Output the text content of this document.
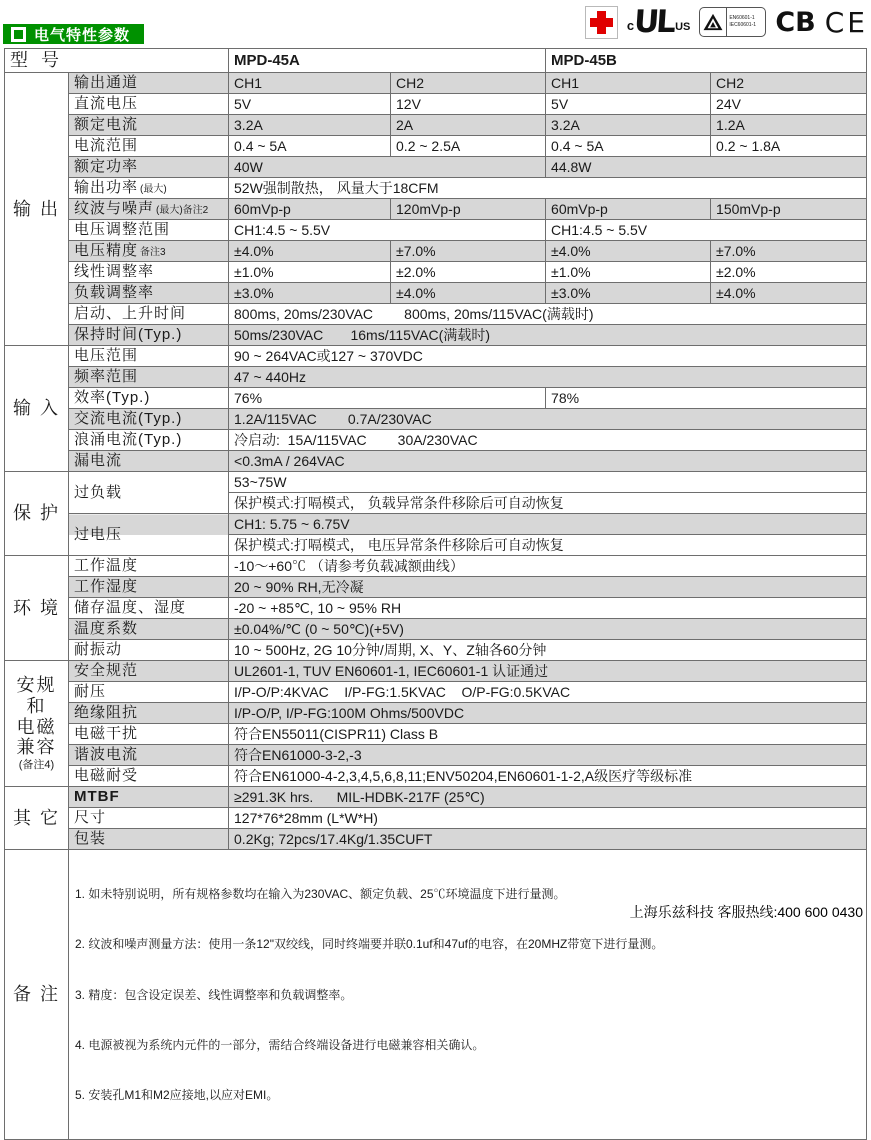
电气特性参数
c
UL US
EN60601-1
IEC60601-1 CB CE
型 号		MPD-45A		MPD-45B	
输 出	输出通道	CH1	CH2	CH1	CH2
	直流电压	5V	12V	5V	24V
	额定电流	3.2A	2A	3.2A	1.2A
	电流范围	0.4 ~ 5A	0.2 ~ 2.5A	0.4 ~ 5A	0.2 ~ 1.8A
	额定功率	40W		44.8W	
	输出功率 (最大)	52W强制散热， 风量大于18CFM			
	纹波与噪声 (最大)备注2	60mVp-p	120mVp-p	60mVp-p	150mVp-p
	电压调整范围	CH1:4.5 ~ 5.5V		CH1:4.5 ~ 5.5V	
	电压精度 备注3	±4.0%	±7.0%	±4.0%	±7.0%
	线性调整率	±1.0%	±2.0%	±1.0%	±2.0%
	负载调整率	±3.0%	±4.0%	±3.0%	±4.0%
	启动、上升时间	800ms, 20ms/230VAC        800ms, 20ms/115VAC(满载时)			
	保持时间(Typ.)	50ms/230VAC       16ms/115VAC(满载时)			
输 入	电压范围	90 ~ 264VAC或127 ~ 370VDC			
	频率范围	47 ~ 440Hz			
	效率(Typ.)	76%		78%	
	交流电流(Typ.)	1.2A/115VAC        0.7A/230VAC			
	浪涌电流(Typ.)	冷启动:  15A/115VAC        30A/230VAC			
	漏电流	<0.3mA / 264VAC			
保 护	过负载	53~75W			
		保护模式:打嗝模式， 负载异常条件移除后可自动恢复			
	过电压	CH1: 5.75 ~ 6.75V			
		保护模式:打嗝模式， 电压异常条件移除后可自动恢复			
环 境	工作温度	-10～+60℃ （请参考负载减额曲线）			
	工作湿度	20 ~ 90% RH,无冷凝			
	储存温度、湿度	-20 ~ +85℃, 10 ~ 95% RH			
	温度系数	±0.04%/℃ (0 ~ 50℃)(+5V)			
	耐振动	10 ~ 500Hz, 2G 10分钟/周期, X、Y、Z轴各60分钟			
安规
和
电磁
兼容
(备注4)	安全规范	UL2601-1, TUV EN60601-1, IEC60601-1 认证通过			
	耐压	I/P-O/P:4KVAC    I/P-FG:1.5KVAC    O/P-FG:0.5KVAC			
	绝缘阻抗	I/P-O/P, I/P-FG:100M Ohms/500VDC			
	电磁干扰	符合EN55011(CISPR11) Class B			
	谐波电流	符合EN61000-3-2,-3			
	电磁耐受	符合EN61000-4-2,3,4,5,6,8,11;ENV50204,EN60601-1-2,A级医疗等级标准			
其 它	MTBF	≥291.3K hrs.      MIL-HDBK-217F (25℃)			
	尺寸	127*76*28mm (L*W*H)			
	包装	0.2Kg; 72pcs/17.4Kg/1.35CUFT			
备 注	1. 如未特别说明，所有规格参数均在输入为230VAC、额定负载、25℃环境温度下进行量测。

2. 纹波和噪声测量方法：使用一条12"双绞线，同时终端要并联0.1uf和47uf的电容，在20MHZ带宽下进行量测。

3. 精度：包含设定误差、线性调整率和负载调整率。

4. 电源被视为系统内元件的一部分，需结合终端设备进行电磁兼容相关确认。

5. 安装孔M1和M2应接地,以应对EMI。				

上海乐兹科技 客服热线:400 600 0430
